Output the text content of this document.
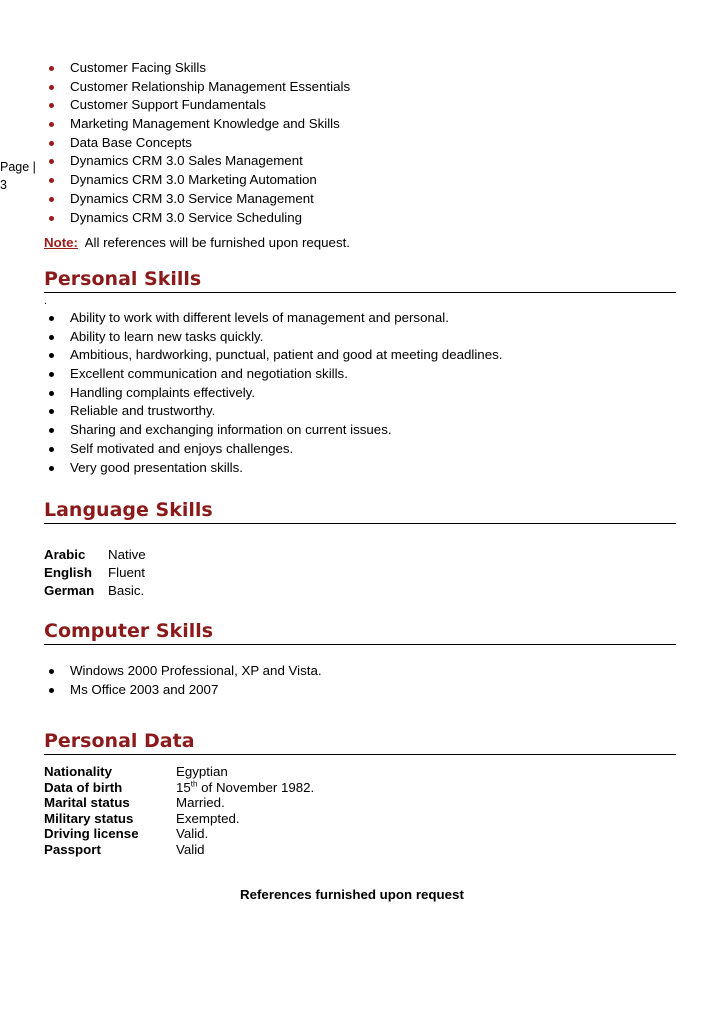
Page |
3
Customer Facing Skills
Customer Relationship Management Essentials
Customer Support Fundamentals
Marketing Management Knowledge and Skills
Data Base Concepts
Dynamics CRM 3.0 Sales Management
Dynamics CRM 3.0 Marketing Automation
Dynamics CRM 3.0 Service Management
Dynamics CRM 3.0 Service Scheduling
Note: All references will be furnished upon request.
Personal Skills
.
Ability to work with different levels of management and personal.
Ability to learn new tasks quickly.
Ambitious, hardworking, punctual, patient and good at meeting deadlines.
Excellent communication and negotiation skills.
Handling complaints effectively.
Reliable and trustworthy.
Sharing and exchanging information on current issues.
Self motivated and enjoys challenges.
Very good presentation skills.
Language Skills
Arabic	Native
English	Fluent
German	Basic.
Computer Skills
Windows 2000 Professional, XP and Vista.
Ms Office 2003 and 2007
Personal Data
Nationality	Egyptian
Data of birth	15th of November 1982.
Marital status	Married.
Military status	Exempted.
Driving license	Valid.
Passport	Valid
References furnished upon request
